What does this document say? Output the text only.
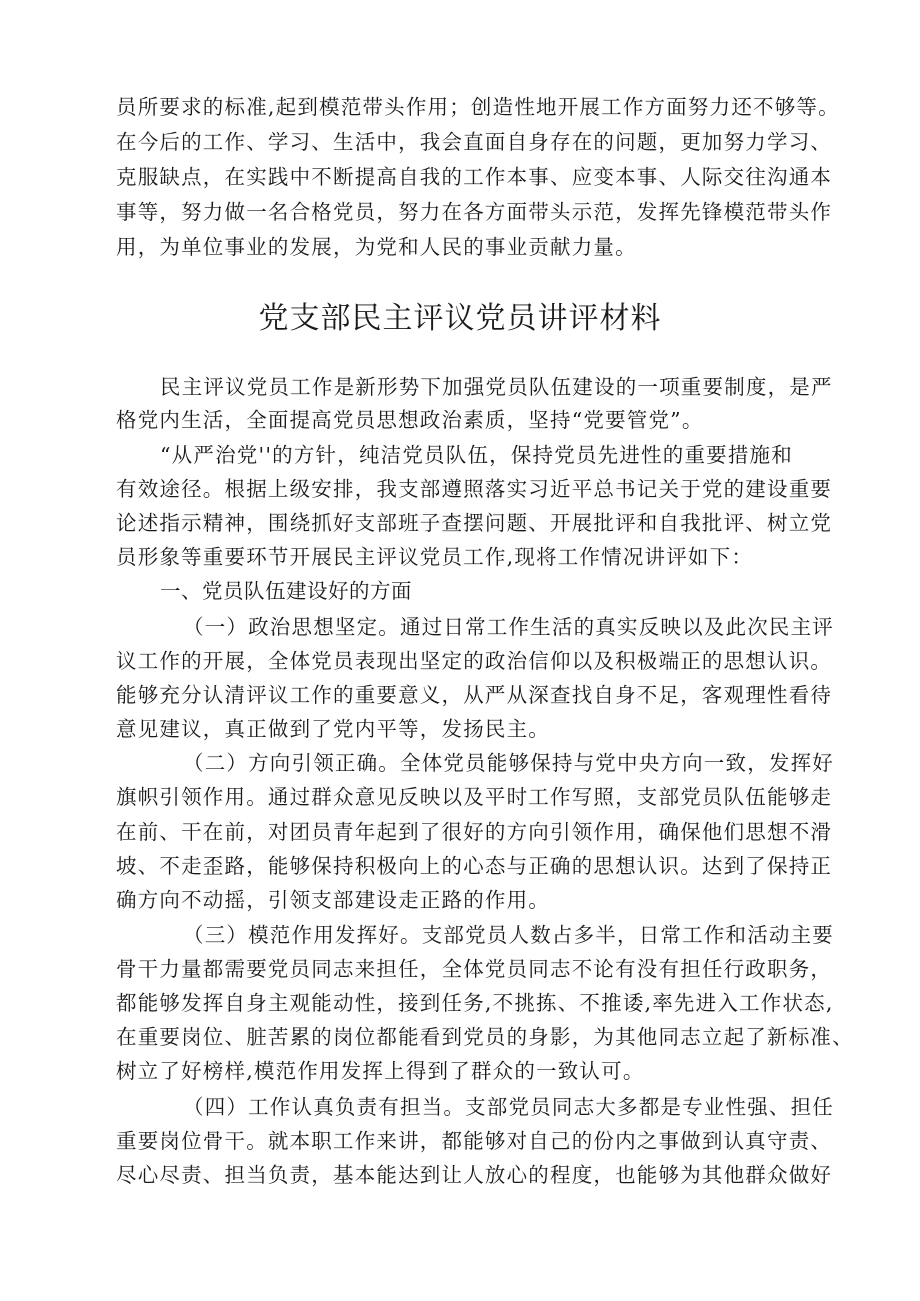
员所要求的标准,起到模范带头作用；创造性地开展工作方面努力还不够等。
在今后的工作、学习、生活中，我会直面自身存在的问题，更加努力学习、
克服缺点，在实践中不断提高自我的工作本事、应变本事、人际交往沟通本
事等，努力做一名合格党员，努力在各方面带头示范，发挥先锋模范带头作
用，为单位事业的发展，为党和人民的事业贡献力量。
党支部民主评议党员讲评材料
民主评议党员工作是新形势下加强党员队伍建设的一项重要制度，是严
格党内生活，全面提高党员思想政治素质，坚持“党要管党”。
“从严治党''的方针，纯洁党员队伍，保持党员先进性的重要措施和
有效途径。根据上级安排，我支部遵照落实习近平总书记关于党的建设重要
论述指示精神，围绕抓好支部班子查摆问题、开展批评和自我批评、树立党
员形象等重要环节开展民主评议党员工作,现将工作情况讲评如下：
一、党员队伍建设好的方面
（一）政治思想坚定。通过日常工作生活的真实反映以及此次民主评
议工作的开展，全体党员表现出坚定的政治信仰以及积极端正的思想认识。
能够充分认清评议工作的重要意义，从严从深查找自身不足，客观理性看待
意见建议，真正做到了党内平等，发扬民主。
（二）方向引领正确。全体党员能够保持与党中央方向一致，发挥好
旗帜引领作用。通过群众意见反映以及平时工作写照，支部党员队伍能够走
在前、干在前，对团员青年起到了很好的方向引领作用，确保他们思想不滑
坡、不走歪路，能够保持积极向上的心态与正确的思想认识。达到了保持正
确方向不动摇，引领支部建设走正路的作用。
（三）模范作用发挥好。支部党员人数占多半，日常工作和活动主要
骨干力量都需要党员同志来担任，全体党员同志不论有没有担任行政职务，
都能够发挥自身主观能动性，接到任务,不挑拣、不推诿,率先进入工作状态,
在重要岗位、脏苦累的岗位都能看到党员的身影，为其他同志立起了新标准、
树立了好榜样,模范作用发挥上得到了群众的一致认可。
（四）工作认真负责有担当。支部党员同志大多都是专业性强、担任
重要岗位骨干。就本职工作来讲，都能够对自己的份内之事做到认真守责、
尽心尽责、担当负责，基本能达到让人放心的程度，也能够为其他群众做好
